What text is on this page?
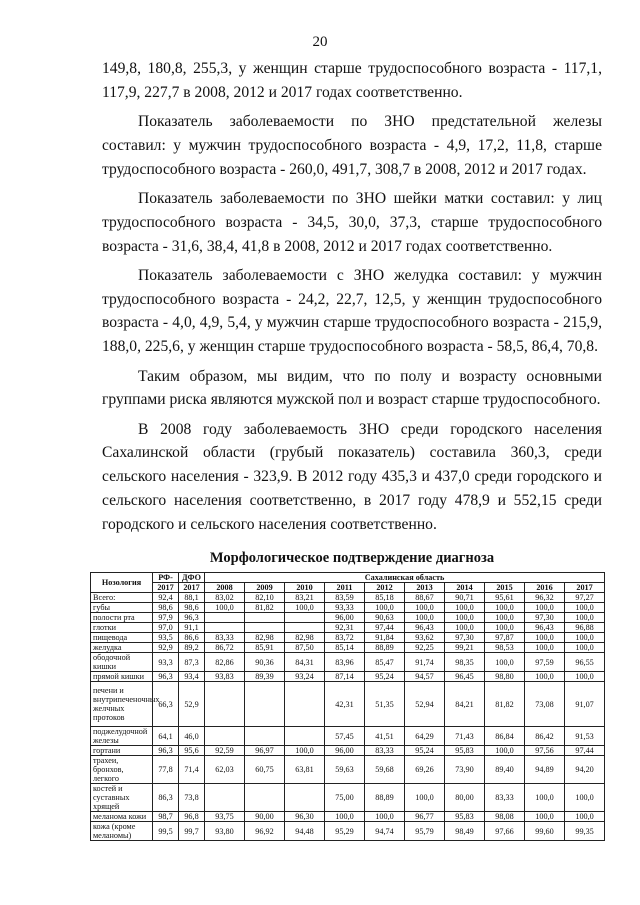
20

149,8, 180,8, 255,3, у женщин старше трудоспособного возраста - 117,1, 117,9, 227,7 в 2008, 2012 и 2017 годах соответственно.

Показатель заболеваемости по ЗНО предстательной железы составил: у мужчин трудоспособного возраста - 4,9, 17,2, 11,8, старше трудоспособного возраста - 260,0, 491,7, 308,7 в 2008, 2012 и 2017 годах.

Показатель заболеваемости по ЗНО шейки матки составил: у лиц трудоспособного возраста - 34,5, 30,0, 37,3, старше трудоспособного возраста - 31,6, 38,4, 41,8 в 2008, 2012 и 2017 годах соответственно.

Показатель заболеваемости с ЗНО желудка составил: у мужчин трудоспособного возраста - 24,2, 22,7, 12,5, у женщин трудоспособного возраста - 4,0, 4,9, 5,4, у мужчин старше трудоспособного возраста - 215,9, 188,0, 225,6, у женщин старше трудоспособного возраста - 58,5, 86,4, 70,8.

Таким образом, мы видим, что по полу и возрасту основными группами риска являются мужской пол и возраст старше трудоспособного.

В 2008 году заболеваемость ЗНО среди городского населения Сахалинской области (грубый показатель) составила 360,3, среди сельского населения - 323,9. В 2012 году 435,3 и 437,0 среди городского и сельского населения соответственно, в 2017 году 478,9 и 552,15 среди городского и сельского населения соответственно.

Морфологическое подтверждение диагноза
Нозология	РФ-	ДФО	Сахалинская область									
	2017	2017	2008	2009	2010	2011	2012	2013	2014	2015	2016	2017
Всего:	92,4	88,1	83,02	82,10	83,21	83,59	85,18	88,67	90,71	95,61	96,32	97,27
губы	98,6	98,6	100,0	81,82	100,0	93,33	100,0	100,0	100,0	100,0	100,0	100,0
полости рта	97,9	96,3				96,00	90,63	100,0	100,0	100,0	97,30	100,0
глотки	97,0	91,1				92,31	97,44	96,43	100,0	100,0	96,43	96,88
пищевода	93,5	86,6	83,33	82,98	82,98	83,72	91,84	93,62	97,30	97,87	100,0	100,0
желудка	92,9	89,2	86,72	85,91	87,50	85,14	88,89	92,25	99,21	98,53	100,0	100,0
ободочной кишки	93,3	87,3	82,86	90,36	84,31	83,96	85,47	91,74	98,35	100,0	97,59	96,55
прямой кишки	96,3	93,4	93,83	89,39	93,24	87,14	95,24	94,57	96,45	98,80	100,0	100,0
печени и внутрипеченочных желчных протоков	66,3	52,9				42,31	51,35	52,94	84,21	81,82	73,08	91,07
поджелудочной железы	64,1	46,0				57,45	41,51	64,29	71,43	86,84	86,42	91,53
гортани	96,3	95,6	92,59	96,97	100,0	96,00	83,33	95,24	95,83	100,0	97,56	97,44
трахеи, бронхов, легкого	77,8	71,4	62,03	60,75	63,81	59,63	59,68	69,26	73,90	89,40	94,89	94,20
костей и суставных хрящей	86,3	73,8				75,00	88,89	100,0	80,00	83,33	100,0	100,0
меланома кожи	98,7	96,8	93,75	90,00	96,30	100,0	100,0	96,77	95,83	98,08	100,0	100,0
кожа (кроме меланомы)	99,5	99,7	93,80	96,92	94,48	95,29	94,74	95,79	98,49	97,66	99,60	99,35
